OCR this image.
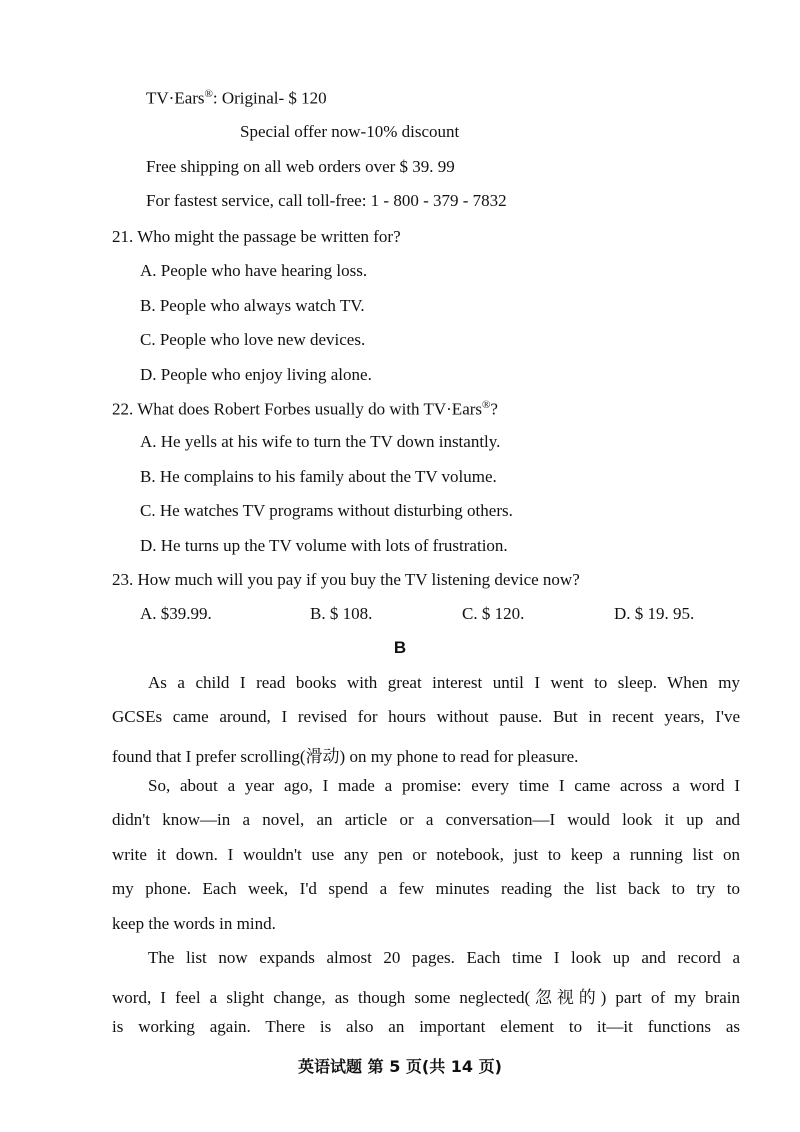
TV·Ears®: Original- $ 120
Special offer now-10% discount
Free shipping on all web orders over $ 39. 99
For fastest service, call toll-free: 1 - 800 - 379 - 7832
21. Who might the passage be written for?
A. People who have hearing loss.
B. People who always watch TV.
C. People who love new devices.
D. People who enjoy living alone.
22. What does Robert Forbes usually do with TV·Ears®?
A. He yells at his wife to turn the TV down instantly.
B. He complains to his family about the TV volume.
C. He watches TV programs without disturbing others.
D. He turns up the TV volume with lots of frustration.
23. How much will you pay if you buy the TV listening device now?
A. $39.99.	B. $ 108.	C. $ 120.	D. $ 19. 95.
B
As a child I read books with great interest until I went to sleep. When my
GCSEs came around, I revised for hours without pause. But in recent years, I've
found that I prefer scrolling(滑动) on my phone to read for pleasure.
So, about a year ago, I made a promise: every time I came across a word I
didn't know—in a novel, an article or a conversation—I would look it up and
write it down. I wouldn't use any pen or notebook, just to keep a running list on
my phone. Each week, I'd spend a few minutes reading the list back to try to
keep the words in mind.
The list now expands almost 20 pages. Each time I look up and record a
word, I feel a slight change, as though some neglected(忽视的) part of my brain
is working again. There is also an important element to it—it functions as
英语试题 第 5 页(共 14 页)
